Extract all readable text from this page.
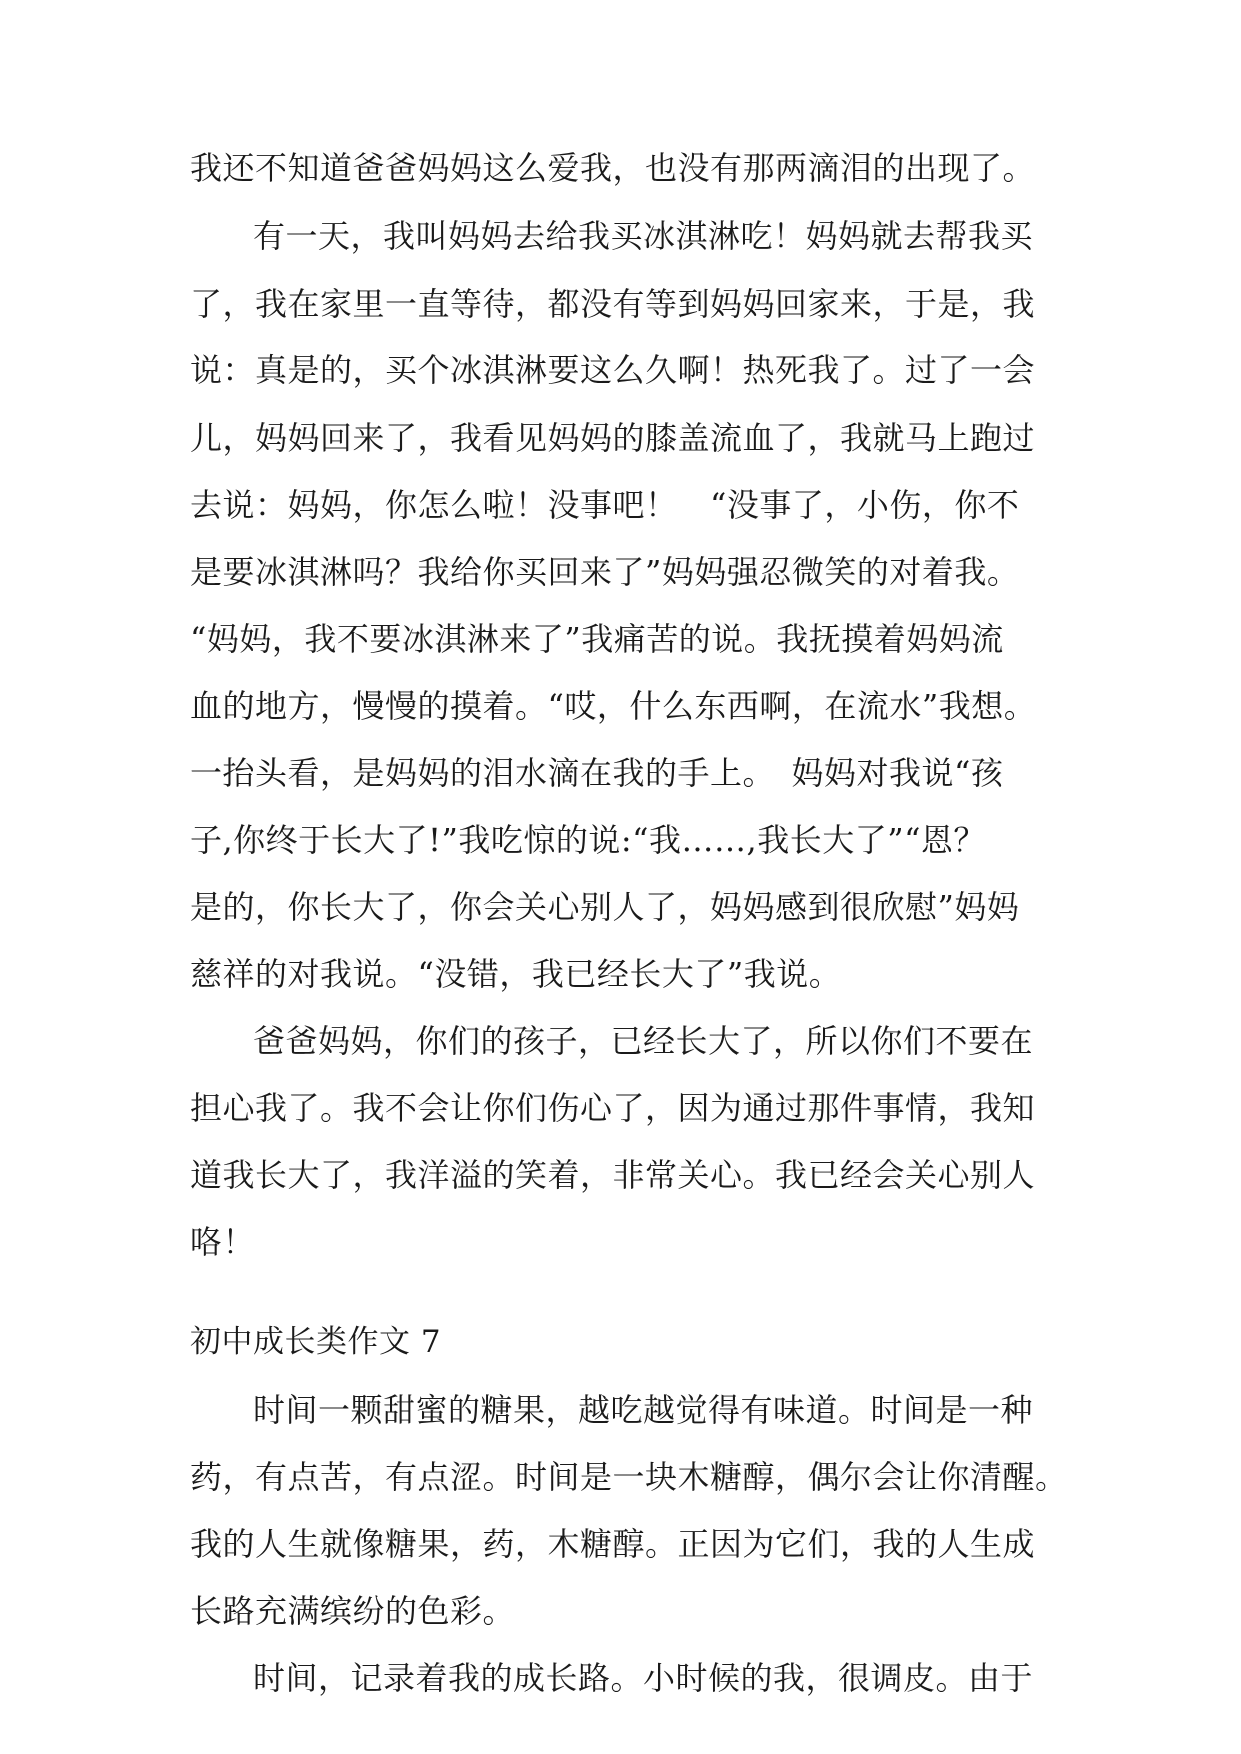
我还不知道爸爸妈妈这么爱我，也没有那两滴泪的出现了。
有一天，我叫妈妈去给我买冰淇淋吃！妈妈就去帮我买
了，我在家里一直等待，都没有等到妈妈回家来，于是，我
说：真是的，买个冰淇淋要这么久啊！热死我了。过了一会
儿，妈妈回来了，我看见妈妈的膝盖流血了，我就马上跑过
去说：妈妈，你怎么啦！没事吧！　“没事了，小伤，你不
是要冰淇淋吗？我给你买回来了”妈妈强忍微笑的对着我。
“妈妈，我不要冰淇淋来了”我痛苦的说。我抚摸着妈妈流
血的地方，慢慢的摸着。“哎，什么东西啊，在流水”我想。
一抬头看，是妈妈的泪水滴在我的手上。　妈妈对我说“孩
子,你终于长大了!”我吃惊的说:“我……,我长大了”“恩？
是的，你长大了，你会关心别人了，妈妈感到很欣慰”妈妈
慈祥的对我说。“没错，我已经长大了”我说。
爸爸妈妈，你们的孩子，已经长大了，所以你们不要在
担心我了。我不会让你们伤心了，因为通过那件事情，我知
道我长大了，我洋溢的笑着，非常关心。我已经会关心别人
咯！
初中成长类作文 7
时间一颗甜蜜的糖果，越吃越觉得有味道。时间是一种
药，有点苦，有点涩。时间是一块木糖醇，偶尔会让你清醒。
我的人生就像糖果，药，木糖醇。正因为它们，我的人生成
长路充满缤纷的色彩。
时间，记录着我的成长路。小时候的我，很调皮。由于
